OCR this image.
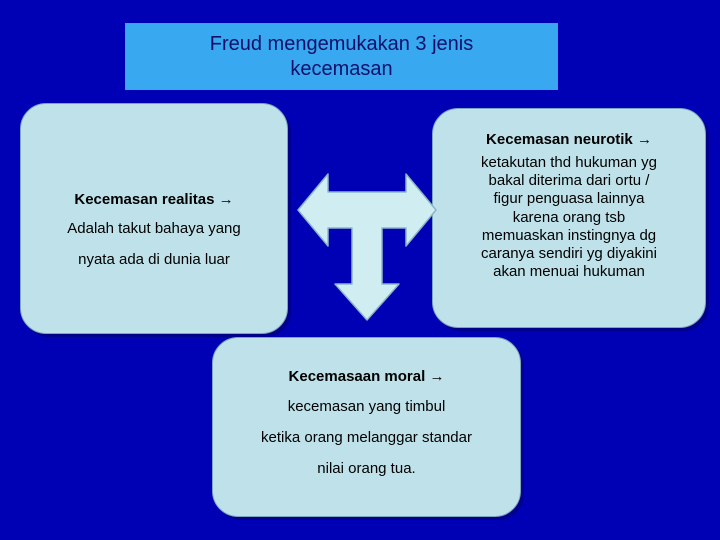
Freud mengemukakan 3 jenis
kecemasan
Kecemasan realitas →
Adalah takut bahaya yang
nyata ada di dunia luar
Kecemasan neurotik →
ketakutan thd hukuman yg
bakal diterima dari ortu /
figur penguasa lainnya
karena orang tsb
memuaskan instingnya dg
caranya sendiri yg diyakini
akan menuai hukuman
Kecemasaan moral →
kecemasan yang timbul
ketika orang melanggar standar
nilai orang tua.
